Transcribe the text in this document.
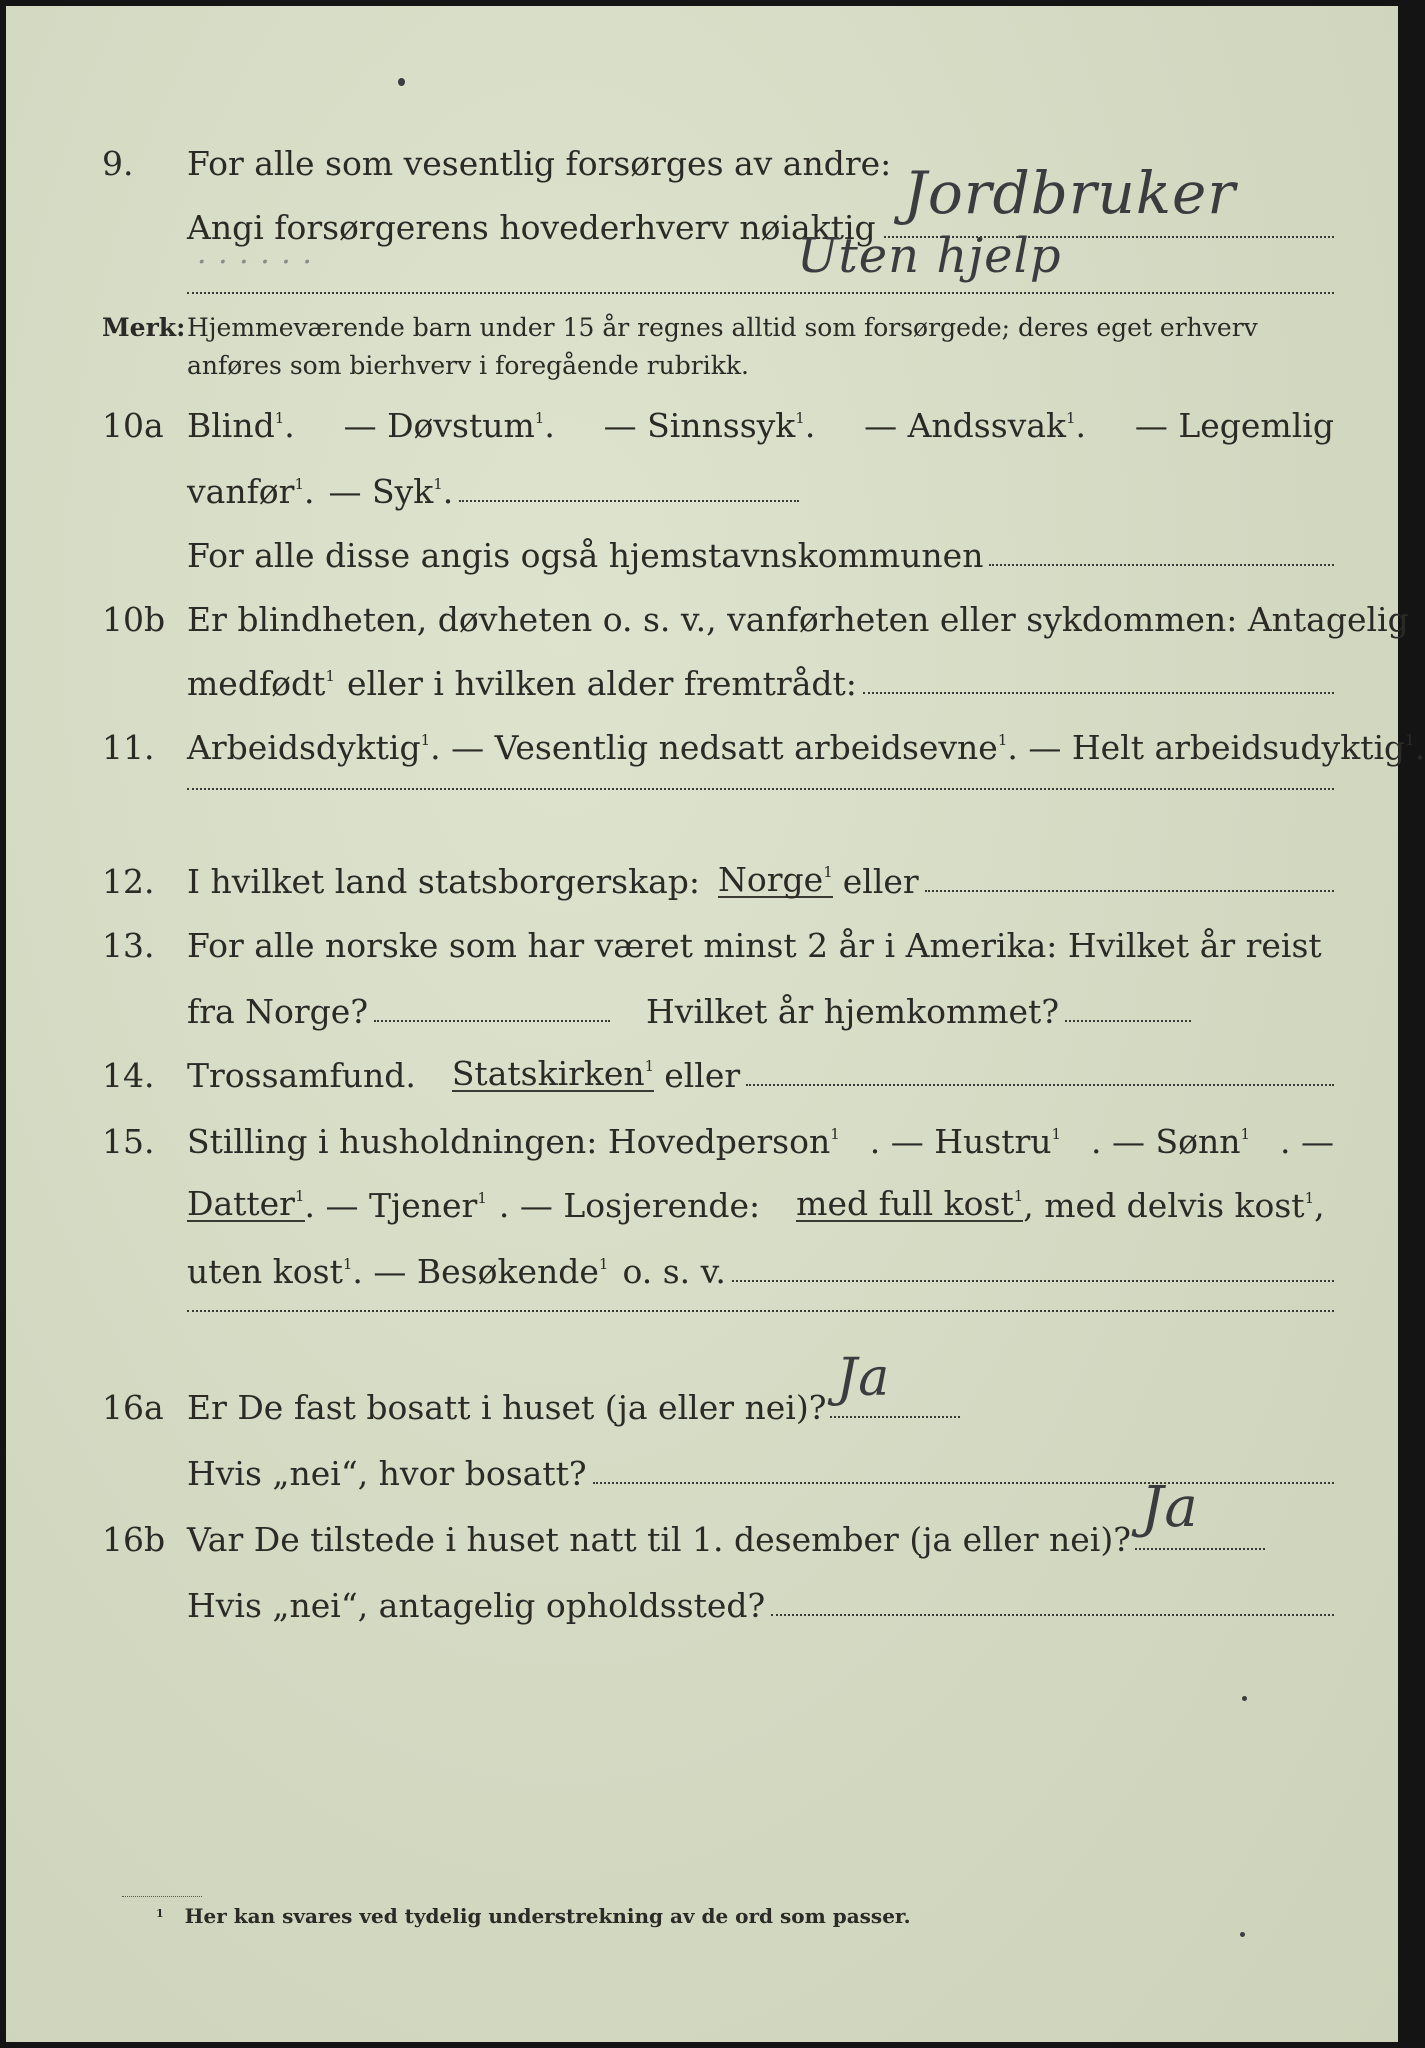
9.	For alle som vesentlig forsørges av andre:
Angi forsørgerens hovederhverv nøiaktig
Jordbruker
· · · · · ·	Uten hjelp
Merk: Hjemmeværende barn under 15 år regnes alltid som forsørgede; deres eget erhverv
anføres som bierhverv i foregående rubrikk.
10a Blind$^1$. — Døvstum$^1$. — Sinnssyk$^1$. — Andssvak$^1$. — Legemlig
vanfør$^1$. — Syk$^1$.
For alle disse angis også hjemstavnskommunen
10b Er blindheten, døvheten o. s. v., vanførheten eller sykdommen: Antagelig
medfødt$^1$ eller i hvilken alder fremtrådt:
11. Arbeidsdyktig$^1$. — Vesentlig nedsatt arbeidsevne$^1$. — Helt arbeidsudyktig$^1$.
12. I hvilket land statsborgerskap: Norge$^1$ eller
13. For alle norske som har været minst 2 år i Amerika: Hvilket år reist
fra Norge?	Hvilket år hjemkommet?
14. Trossamfund. Statskirken$^1$ eller
15. Stilling i husholdningen: Hovedperson$^1$ . — Hustru$^1$ . — Sønn$^1$ . —
Datter$^1$ . — Tjener$^1$ . — Losjerende: med full kost$^1$ , med delvis kost$^1$,
uten kost$^1$ . — Besøkende$^1$ o. s. v.
16a Er De fast bosatt i huset (ja eller nei)? Ja
Hvis „nei“, hvor bosatt?
16b Var De tilstede i huset natt til 1. desember (ja eller nei)? Ja
Hvis „nei“, antagelig opholdssted?
$^1$ Her kan svares ved tydelig understrekning av de ord som passer.
